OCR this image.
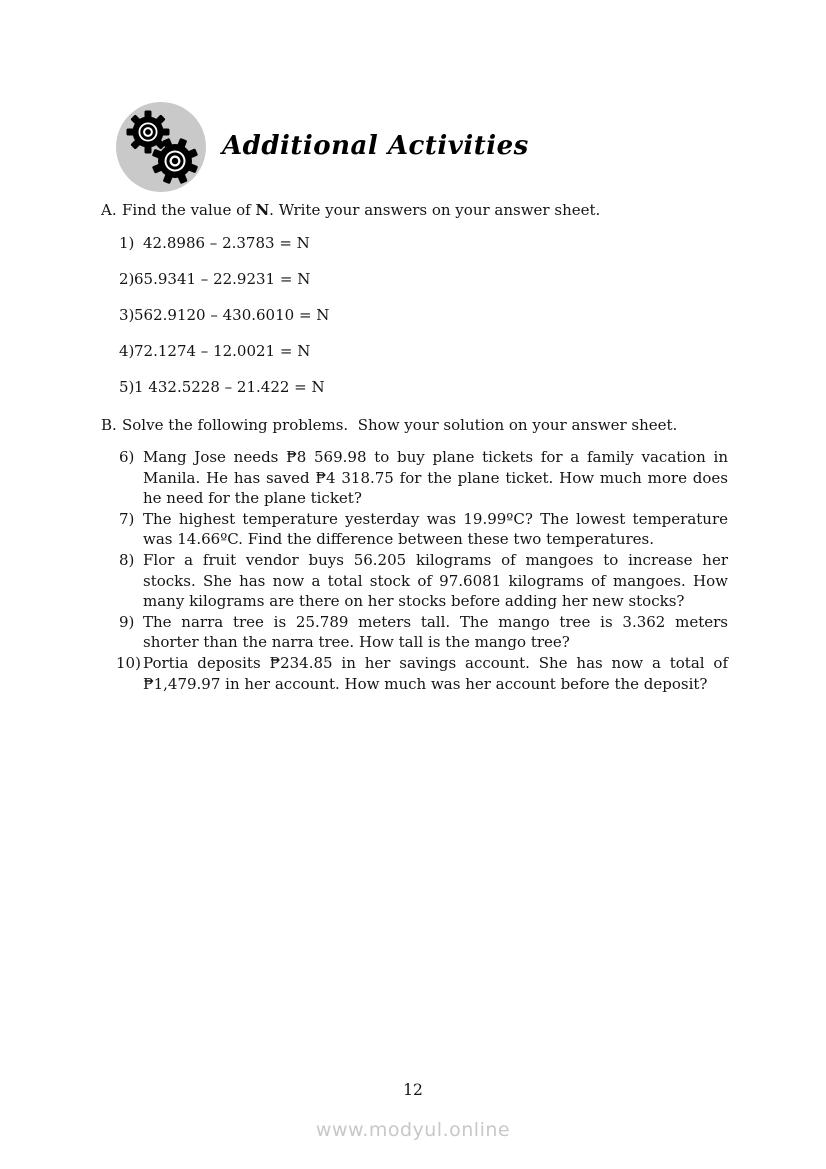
Additional Activities
A. Find the value of N. Write your answers on your answer sheet.
1) 42.8986 – 2.3783 = N
2) 65.9341 – 22.9231 = N
3) 562.9120 – 430.6010 = N
4) 72.1274 – 12.0021 = N
5) 1 432.5228 – 21.422 = N
B. Solve the following problems.  Show your solution on your answer sheet.
6) Mang Jose needs ₱8 569.98 to buy plane tickets for a family vacation in Manila. He has saved ₱4 318.75 for the plane ticket. How much more does he need for the plane ticket?
7) The highest temperature yesterday was 19.99ºC? The lowest temperature was 14.66ºC. Find the difference between these two temperatures.
8) Flor a fruit vendor buys 56.205 kilograms of mangoes to increase her stocks. She has now a total stock of 97.6081 kilograms of mangoes. How many kilograms are there on her stocks before adding her new stocks?
9) The narra tree is 25.789 meters tall. The mango tree is 3.362 meters shorter than the narra tree. How tall is the mango tree?
10) Portia deposits ₱234.85 in her savings account. She has now a total of ₱1,479.97 in her account. How much was her account before the deposit?
12
www.modyul.online
